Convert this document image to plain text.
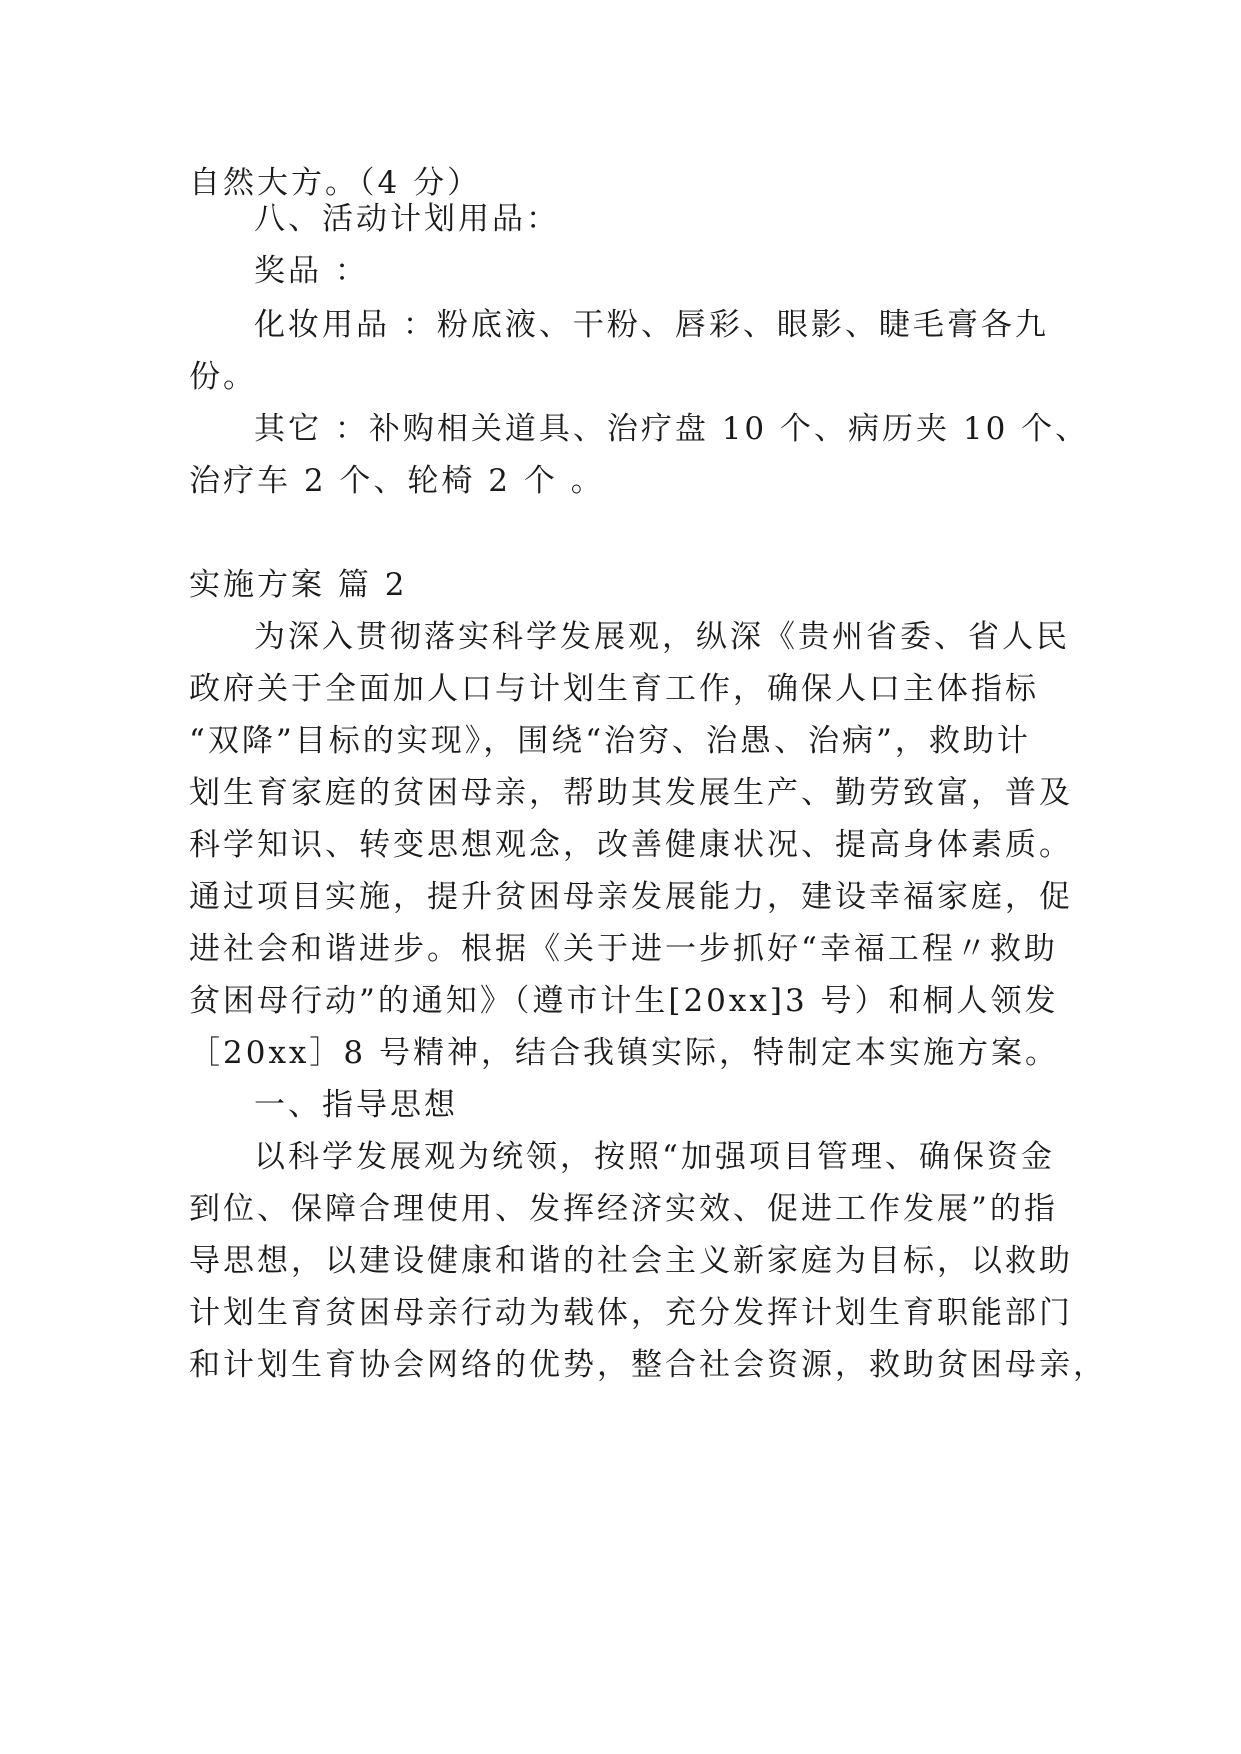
自然大方。（4 分）
八、活动计划用品：
奖品 ：
化妆用品 ：粉底液、干粉、唇彩、眼影、睫毛膏各九
份。
其它 ：补购相关道具、治疗盘 10 个、病历夹 10 个、
治疗车 2 个、轮椅 2 个 。
实施方案 篇 2
为深入贯彻落实科学发展观，纵深《贵州省委、省人民
政府关于全面加人口与计划生育工作，确保人口主体指标
“双降”目标的实现》，围绕“治穷、治愚、治病”，救助计
划生育家庭的贫困母亲，帮助其发展生产、勤劳致富，普及
科学知识、转变思想观念，改善健康状况、提高身体素质。
通过项目实施，提升贫困母亲发展能力，建设幸福家庭，促
进社会和谐进步。根据《关于进一步抓好“幸福工程〃救助
贫困母行动”的通知》（遵市计生[20xx]3 号）和桐人领发
［20xx］8 号精神，结合我镇实际，特制定本实施方案。
一、指导思想
以科学发展观为统领，按照“加强项目管理、确保资金
到位、保障合理使用、发挥经济实效、促进工作发展”的指
导思想，以建设健康和谐的社会主义新家庭为目标，以救助
计划生育贫困母亲行动为载体，充分发挥计划生育职能部门
和计划生育协会网络的优势，整合社会资源，救助贫困母亲，
